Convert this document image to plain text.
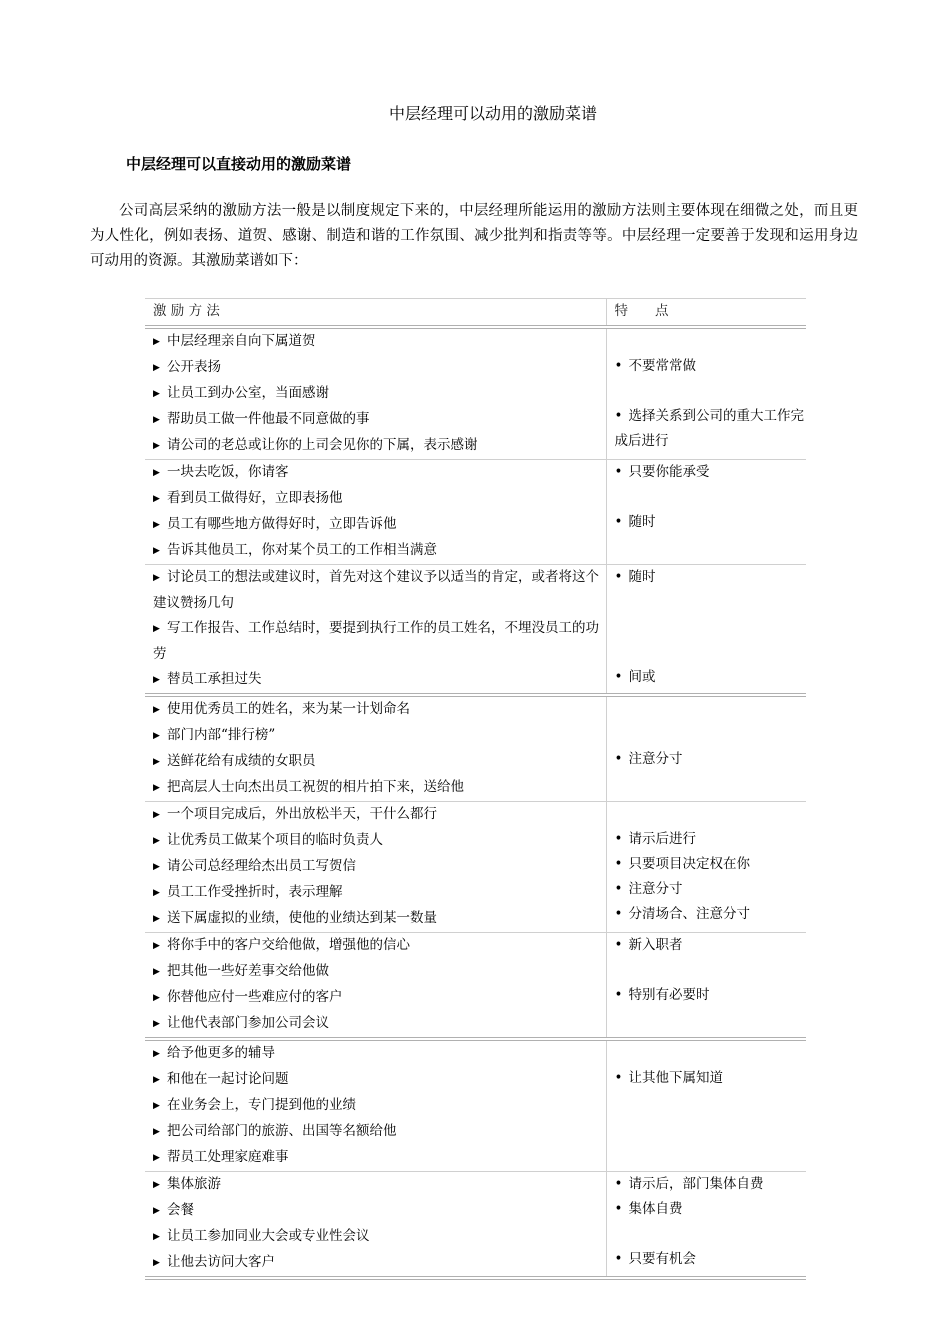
中层经理可以动用的激励菜谱
中层经理可以直接动用的激励菜谱

公司高层采纳的激励方法一般是以制度规定下来的，中层经理所能运用的激励方法则主要体现在细微之处，而且更为人性化，例如表扬、道贺、感谢、制造和谐的工作氛围、减少批判和指责等等。中层经理一定要善于发现和运用身边可动用的资源。其激励菜谱如下：

激 励 方 法	特　　点

▶ 中层经理亲自向下属道贺
▶ 公开表扬
▶ 让员工到办公室，当面感谢
▶ 帮助员工做一件他最不同意做的事
▶ 请公司的老总或让你的上司会见你的下属，表示感谢	• 不要常常做
• 选择关系到公司的重大工作完成后进行

▶ 一块去吃饭，你请客
▶ 看到员工做得好，立即表扬他
▶ 员工有哪些地方做得好时，立即告诉他
▶ 告诉其他员工，你对某个员工的工作相当满意	• 只要你能承受
• 随时

▶ 讨论员工的想法或建议时，首先对这个建议予以适当的肯定，或者将这个建议赞扬几句
▶ 写工作报告、工作总结时，要提到执行工作的员工姓名，不埋没员工的功劳
▶ 替员工承担过失	• 随时
• 间或

▶ 使用优秀员工的姓名，来为某一计划命名
▶ 部门内部“排行榜”
▶ 送鲜花给有成绩的女职员
▶ 把高层人士向杰出员工祝贺的相片拍下来，送给他	• 注意分寸

▶ 一个项目完成后，外出放松半天，干什么都行
▶ 让优秀员工做某个项目的临时负责人
▶ 请公司总经理给杰出员工写贺信
▶ 员工工作受挫折时，表示理解
▶ 送下属虚拟的业绩，使他的业绩达到某一数量	• 请示后进行
• 只要项目决定权在你
• 注意分寸
• 分清场合、注意分寸

▶ 将你手中的客户交给他做，增强他的信心
▶ 把其他一些好差事交给他做
▶ 你替他应付一些难应付的客户
▶ 让他代表部门参加公司会议	• 新入职者
• 特别有必要时

▶ 给予他更多的辅导
▶ 和他在一起讨论问题
▶ 在业务会上，专门提到他的业绩
▶ 把公司给部门的旅游、出国等名额给他
▶ 帮员工处理家庭难事	• 让其他下属知道

▶ 集体旅游
▶ 会餐
▶ 让员工参加同业大会或专业性会议
▶ 让他去访问大客户	• 请示后，部门集体自费
• 集体自费
• 只要有机会
